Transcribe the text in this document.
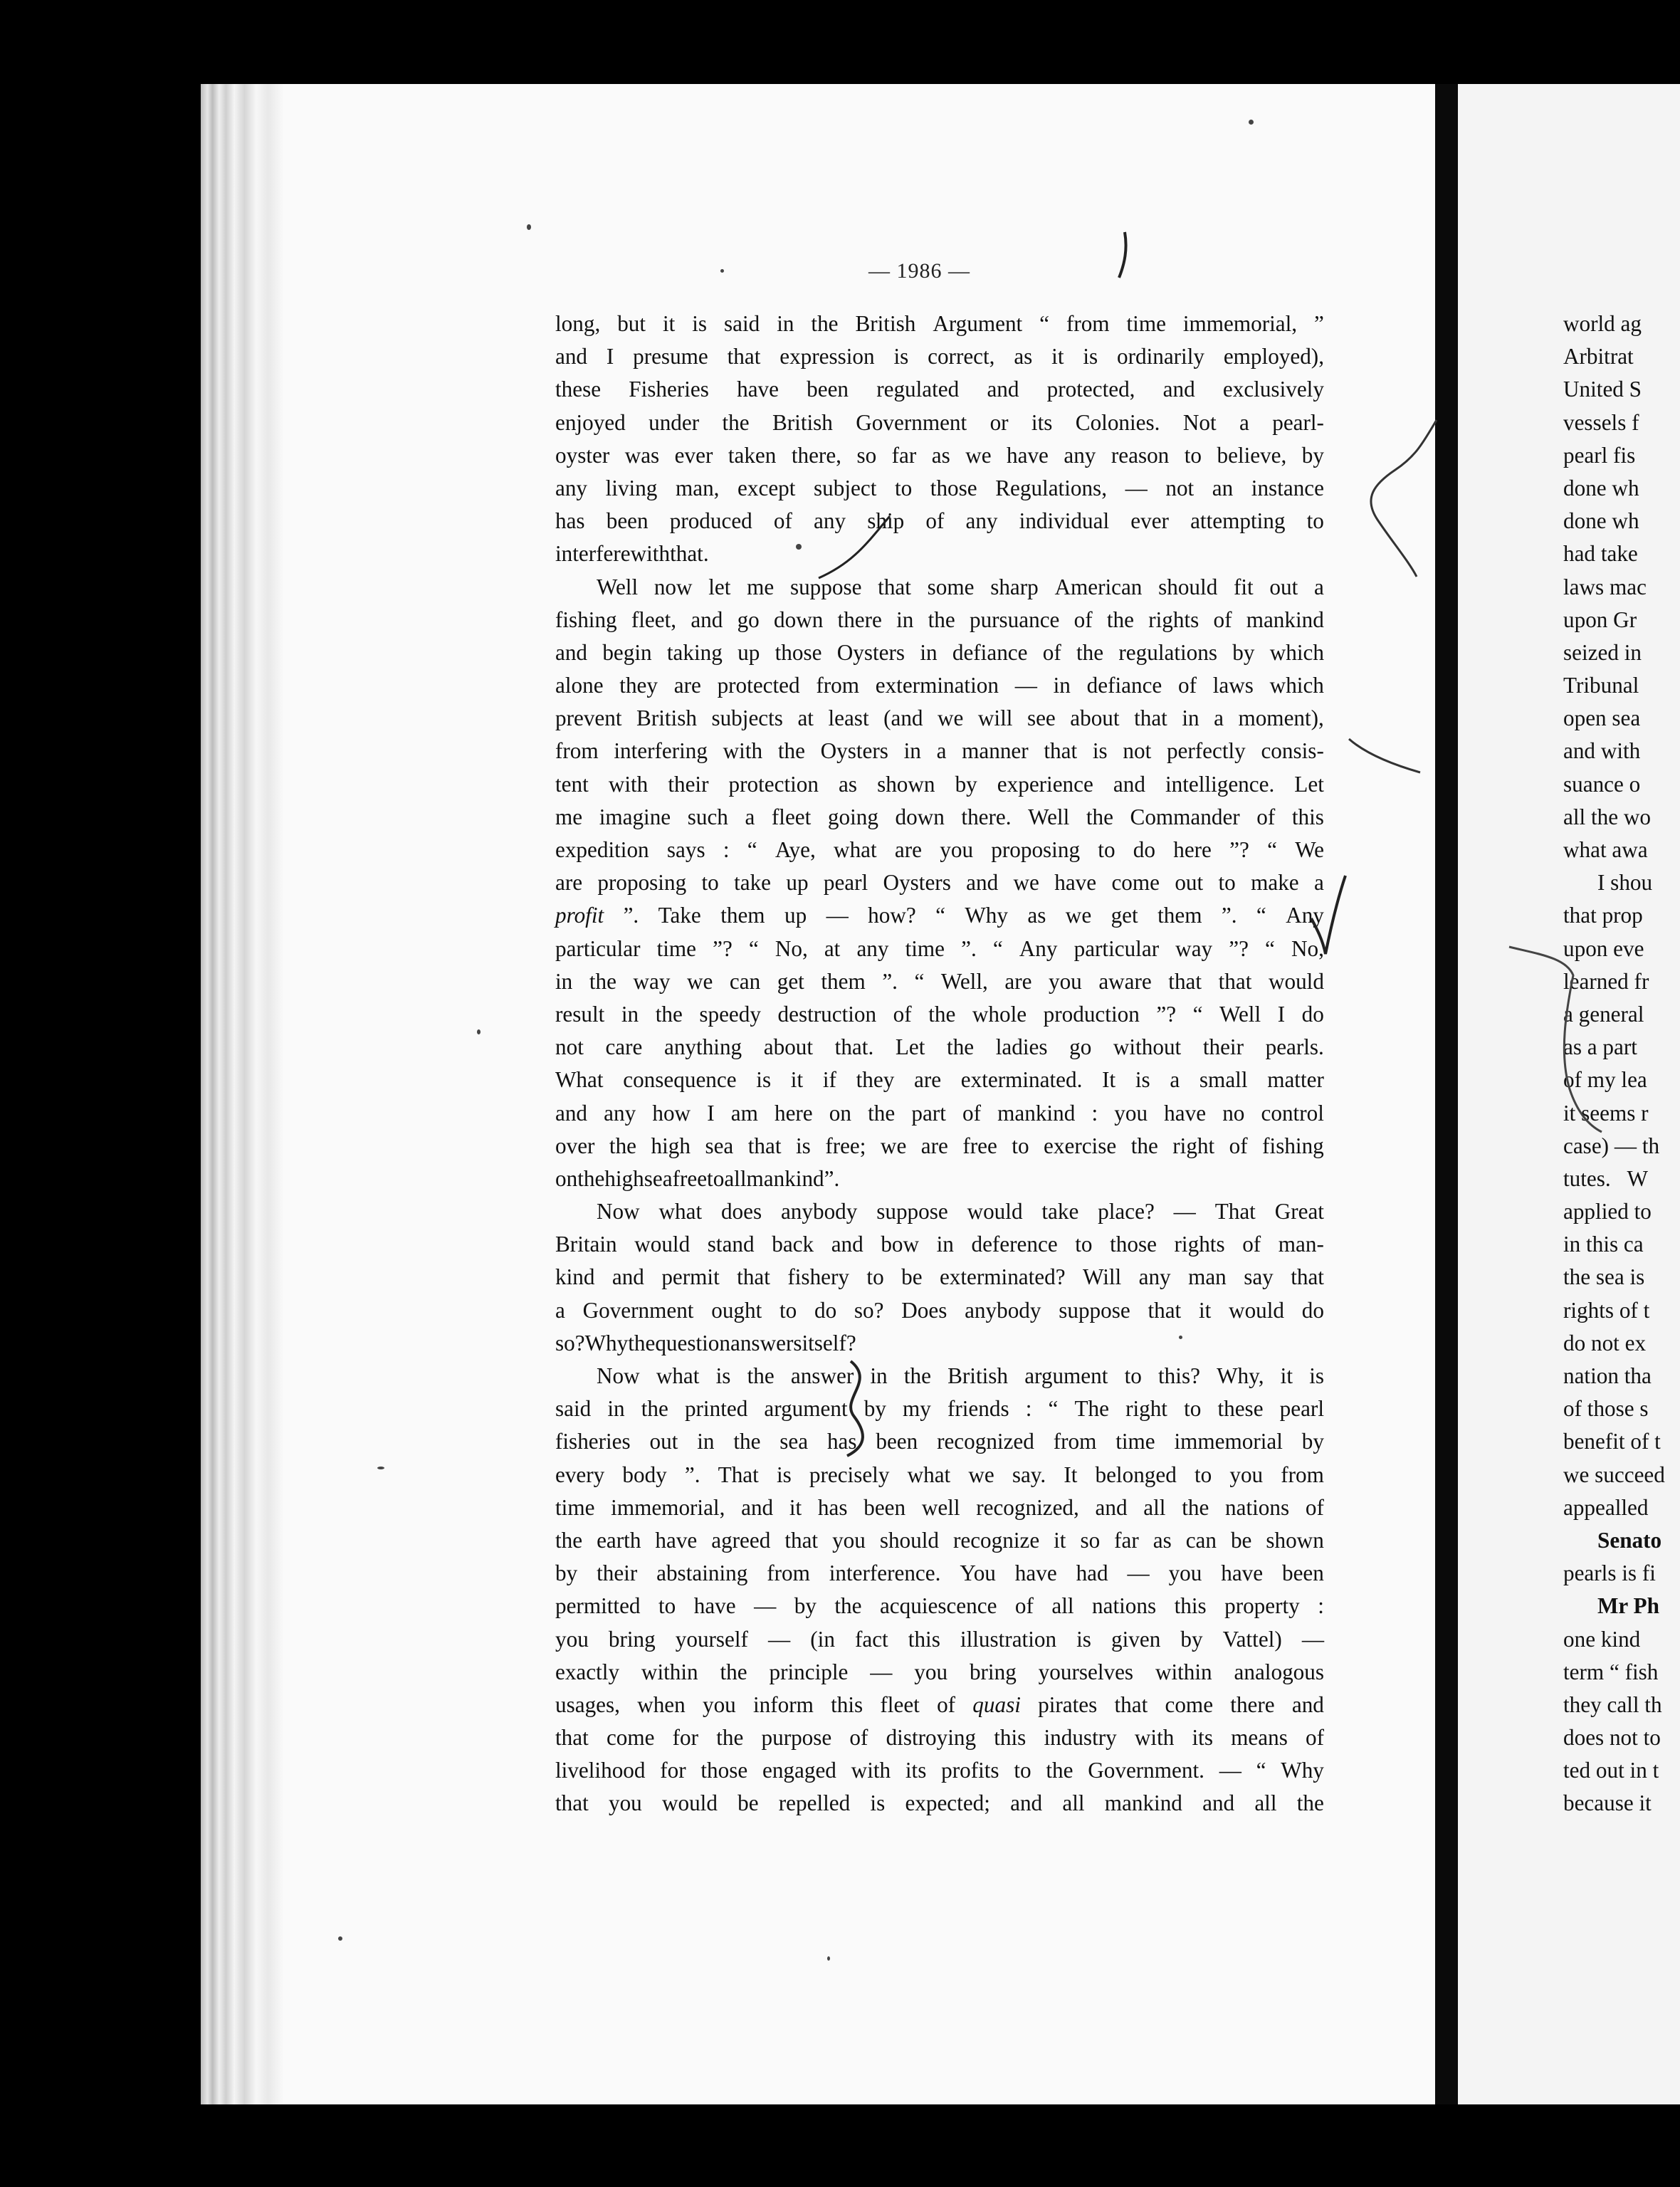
— 1986 —
long, but it is said in the British Argument “ from time immemorial, ”
and I presume that expression is correct, as it is ordinarily employed),
these Fisheries have been regulated and protected, and exclusively
enjoyed under the British Government or its Colonies. Not a pearl-
oyster was ever taken there, so far as we have any reason to believe, by
any living man, except subject to those Regulations, — not an instance
has been produced of any ship of any individual ever attempting to
interfere with that.
Well now let me suppose that some sharp American should fit out a
fishing fleet, and go down there in the pursuance of the rights of mankind
and begin taking up those Oysters in defiance of the regulations by which
alone they are protected from extermination — in defiance of laws which
prevent British subjects at least (and we will see about that in a moment),
from interfering with the Oysters in a manner that is not perfectly consis-
tent with their protection as shown by experience and intelligence. Let
me imagine such a fleet going down there. Well the Commander of this
expedition says : “ Aye, what are you proposing to do here ”? “ We
are proposing to take up pearl Oysters and we have come out to make a
profit ”. Take them up — how? “ Why as we get them ”. “ Any
particular time ”? “ No, at any time ”. “ Any particular way ”? “ No,
in the way we can get them ”. “ Well, are you aware that that would
result in the speedy destruction of the whole production ”? “ Well I do
not care anything about that. Let the ladies go without their pearls.
What consequence is it if they are exterminated. It is a small matter
and any how I am here on the part of mankind : you have no control
over the high sea that is free; we are free to exercise the right of fishing
on the high sea free to all mankind ”.
Now what does anybody suppose would take place? — That Great
Britain would stand back and bow in deference to those rights of man-
kind and permit that fishery to be exterminated? Will any man say that
a Government ought to do so? Does anybody suppose that it would do
so? Why the question answers itself?
Now what is the answer in the British argument to this? Why, it is
said in the printed argument by my friends : “ The right to these pearl
fisheries out in the sea has been recognized from time immemorial by
every body ”. That is precisely what we say. It belonged to you from
time immemorial, and it has been well recognized, and all the nations of
the earth have agreed that you should recognize it so far as can be shown
by their abstaining from interference. You have had — you have been
permitted to have — by the acquiescence of all nations this property :
you bring yourself — (in fact this illustration is given by Vattel) —
exactly within the principle — you bring yourselves within analogous
usages, when you inform this fleet of quasi pirates that come there and
that come for the purpose of distroying this industry with its means of
livelihood for those engaged with its profits to the Government. — “ Why
that you would be repelled is expected; and all mankind and all the
world ag
Arbitrat
United S
vessels f
pearl fis
done wh
done wh
had take
laws mac
upon Gr
seized in
Tribunal
open sea
and with
suance o
all the wo
what awa
I shou
that prop
upon eve
learned fr
a general
as a part
of my lea
it seems r
case) — th
tutes.   W
applied to
in this ca
the sea is
rights of t
do not ex
nation tha
of those s
benefit of t
we succeed
appealled
Senato
pearls is fi
Mr Ph
one kind
term “ fish
they call th
does not to
ted out in t
because it
